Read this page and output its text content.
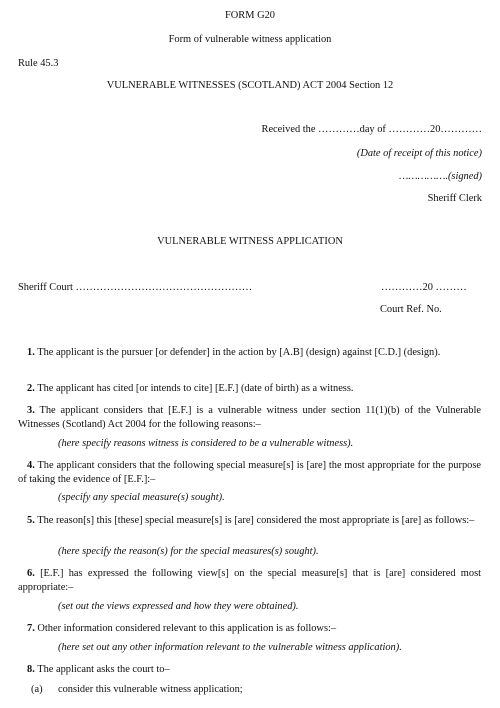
FORM G20
Form of vulnerable witness application
Rule 45.3
VULNERABLE WITNESSES (SCOTLAND) ACT 2004 Section 12
Received the …………day of …………20…………
(Date of receipt of this notice)
…………….(signed)
Sheriff Clerk
VULNERABLE WITNESS APPLICATION
Sheriff Court ……………………………………………	…………20 ………
Court Ref. No.
1. The applicant is the pursuer [or defender] in the action by [A.B] (design) against [C.D.] (design).
2. The applicant has cited [or intends to cite] [E.F.] (date of birth) as a witness.
3. The applicant considers that [E.F.] is a vulnerable witness under section 11(1)(b) of the Vulnerable Witnesses (Scotland) Act 2004 for the following reasons:–
(here specify reasons witness is considered to be a vulnerable witness).
4. The applicant considers that the following special measure[s] is [are] the most appropriate for the purpose of taking the evidence of [E.F.]:–
(specify any special measure(s) sought).
5. The reason[s] this [these] special measure[s] is [are] considered the most appropriate is [are] as follows:–
(here specify the reason(s) for the special measures(s) sought).
6. [E.F.] has expressed the following view[s] on the special measure[s] that is [are] considered most appropriate:–
(set out the views expressed and how they were obtained).
7. Other information considered relevant to this application is as follows:–
(here set out any other information relevant to the vulnerable witness application).
8. The applicant asks the court to–
(a) consider this vulnerable witness application;
